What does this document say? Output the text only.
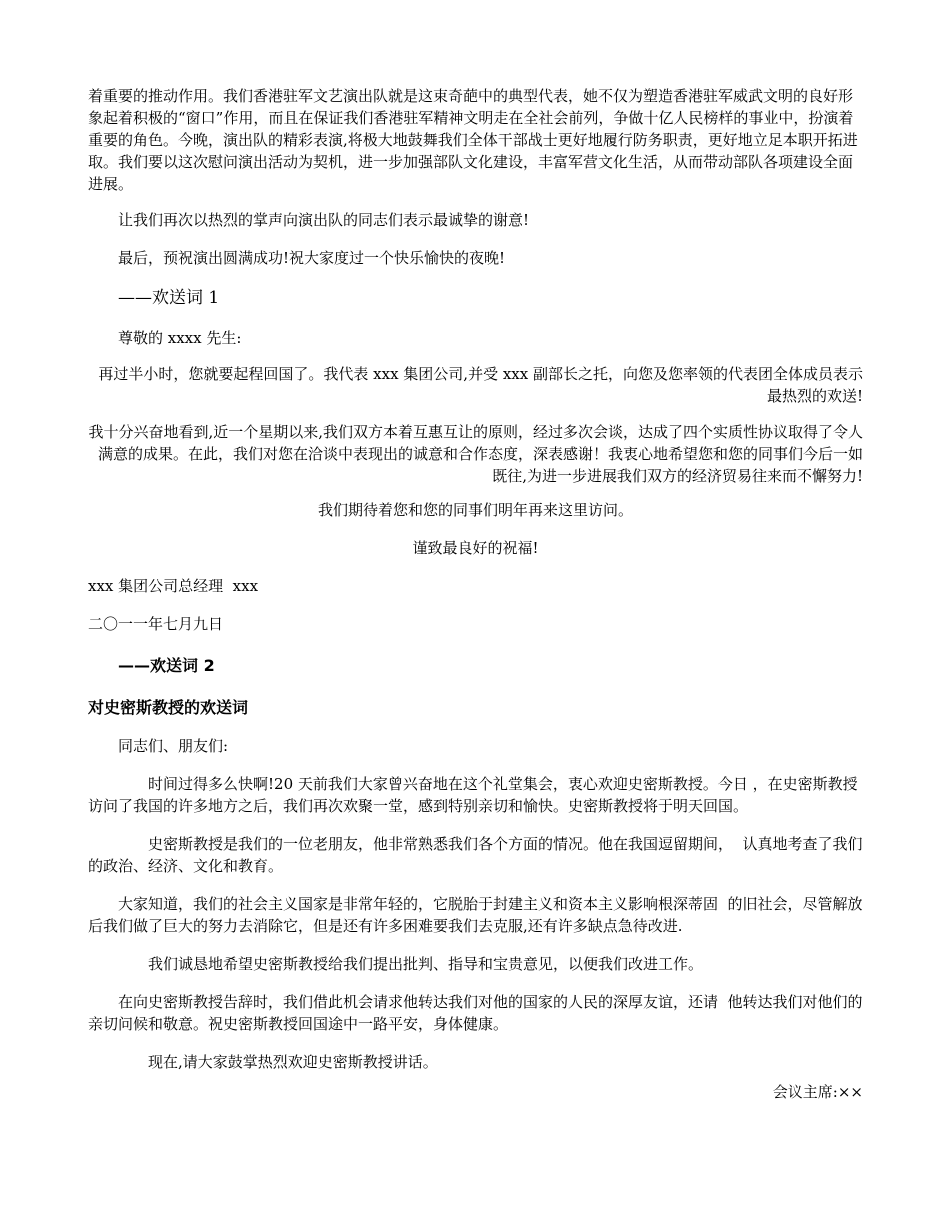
着重要的推动作用。我们香港驻军文艺演出队就是这束奇葩中的典型代表，她不仅为塑造香港驻军威武文明的良好形象起着积极的“窗口”作用，而且在保证我们香港驻军精神文明走在全社会前列，争做十亿人民榜样的事业中，扮演着重要的角色。今晚，演出队的精彩表演,将极大地鼓舞我们全体干部战士更好地履行防务职责，更好地立足本职开拓进取。我们要以这次慰问演出活动为契机，进一步加强部队文化建设，丰富军营文化生活，从而带动部队各项建设全面进展。

让我们再次以热烈的掌声向演出队的同志们表示最诚挚的谢意!

最后，预祝演出圆满成功!祝大家度过一个快乐愉快的夜晚!

——欢送词 1

尊敬的 xxxx 先生:

再过半小时，您就要起程回国了。我代表 xxx 集团公司,并受 xxx 副部长之托，向您及您率领的代表团全体成员表示最热烈的欢送!

我十分兴奋地看到,近一个星期以来,我们双方本着互惠互让的原则，经过多次会谈，达成了四个实质性协议取得了令人满意的成果。在此，我们对您在洽谈中表现出的诚意和合作态度，深表感谢！我衷心地希望您和您的同事们今后一如既往,为进一步进展我们双方的经济贸易往来而不懈努力!

我们期待着您和您的同事们明年再来这里访问。

谨致最良好的祝福!

xxx 集团公司总经理  xxx

二〇一一年七月九日

——欢送词 2

对史密斯教授的欢送词

同志们、朋友们:

时间过得多么快啊!20 天前我们大家曾兴奋地在这个礼堂集会，衷心欢迎史密斯教授。今日 ，在史密斯教授访问了我国的许多地方之后，我们再次欢聚一堂，感到特别亲切和愉快。史密斯教授将于明天回国。

史密斯教授是我们的一位老朋友，他非常熟悉我们各个方面的情况。他在我国逗留期间，  认真地考查了我们的政治、经济、文化和教育。

大家知道，我们的社会主义国家是非常年轻的，它脱胎于封建主义和资本主义影响根深蒂固  的旧社会，尽管解放后我们做了巨大的努力去消除它，但是还有许多困难要我们去克服,还有许多缺点急待改进.

我们诚恳地希望史密斯教授给我们提出批判、指导和宝贵意见，以便我们改进工作。

在向史密斯教授告辞时，我们借此机会请求他转达我们对他的国家的人民的深厚友谊，还请  他转达我们对他们的亲切问候和敬意。祝史密斯教授回国途中一路平安，身体健康。

现在,请大家鼓掌热烈欢迎史密斯教授讲话。

会议主席:××
